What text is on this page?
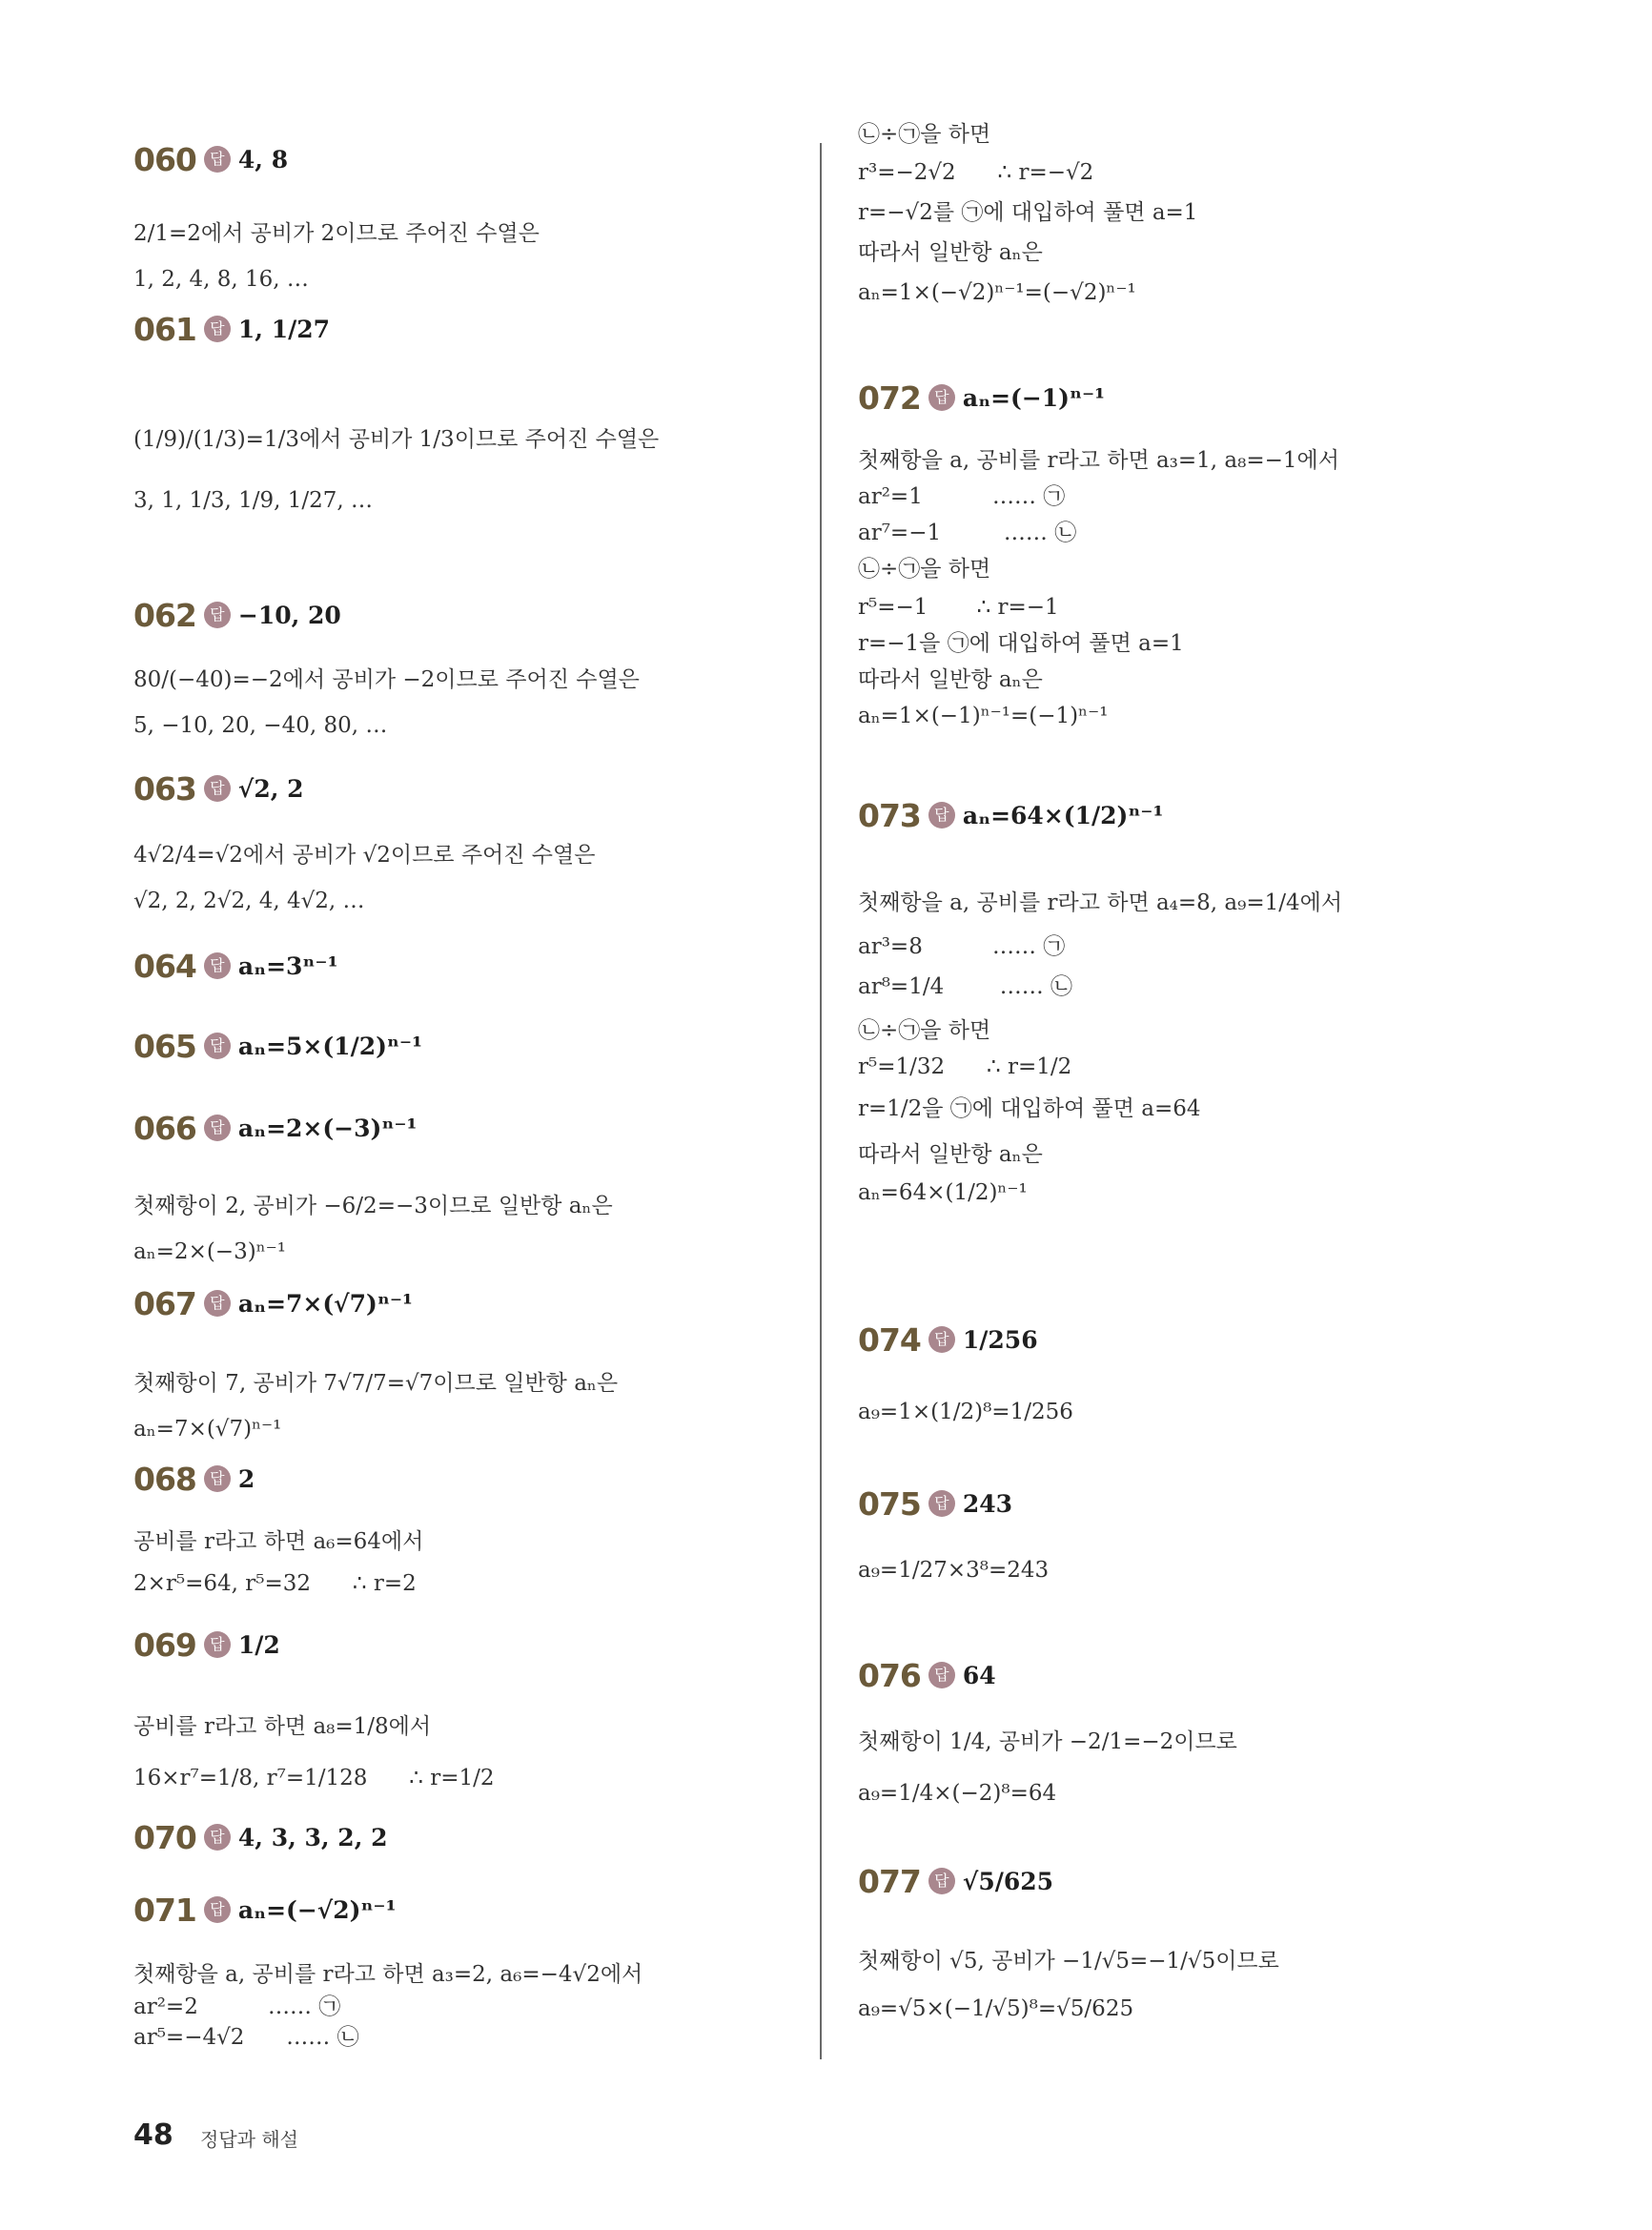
060 답 4, 8
2/1=2에서 공비가 2이므로 주어진 수열은
1, 2, 4, 8, 16, …
061 답 1, 1/27
(1/9)/(1/3)=1/3에서 공비가 1/3이므로 주어진 수열은
3, 1, 1/3, 1/9, 1/27, …
062 답 −10, 20
80/(−40)=−2에서 공비가 −2이므로 주어진 수열은
5, −10, 20, −40, 80, …
063 답 √2, 2
4√2/4=√2에서 공비가 √2이므로 주어진 수열은
√2, 2, 2√2, 4, 4√2, …
064 답 aₙ=3ⁿ⁻¹
065 답 aₙ=5×(1/2)ⁿ⁻¹
066 답 aₙ=2×(−3)ⁿ⁻¹
첫째항이 2, 공비가 −6/2=−3이므로 일반항 aₙ은
aₙ=2×(−3)ⁿ⁻¹
067 답 aₙ=7×(√7)ⁿ⁻¹
첫째항이 7, 공비가 7√7/7=√7이므로 일반항 aₙ은
aₙ=7×(√7)ⁿ⁻¹
068 답 2
공비를 r라고 하면 a₆=64에서
2×r⁵=64, r⁵=32      ∴ r=2
069 답 1/2
공비를 r라고 하면 a₈=1/8에서
16×r⁷=1/8, r⁷=1/128      ∴ r=1/2
070 답 4, 3, 3, 2, 2
071 답 aₙ=(−√2)ⁿ⁻¹
첫째항을 a, 공비를 r라고 하면 a₃=2, a₆=−4√2에서
ar²=2          …… ㉠
ar⁵=−4√2      …… ㉡
㉡÷㉠을 하면
r³=−2√2      ∴ r=−√2
r=−√2를 ㉠에 대입하여 풀면 a=1
따라서 일반항 aₙ은
aₙ=1×(−√2)ⁿ⁻¹=(−√2)ⁿ⁻¹
072 답 aₙ=(−1)ⁿ⁻¹
첫째항을 a, 공비를 r라고 하면 a₃=1, a₈=−1에서
ar²=1          …… ㉠
ar⁷=−1         …… ㉡
㉡÷㉠을 하면
r⁵=−1       ∴ r=−1
r=−1을 ㉠에 대입하여 풀면 a=1
따라서 일반항 aₙ은
aₙ=1×(−1)ⁿ⁻¹=(−1)ⁿ⁻¹
073 답 aₙ=64×(1/2)ⁿ⁻¹
첫째항을 a, 공비를 r라고 하면 a₄=8, a₉=1/4에서
ar³=8          …… ㉠
ar⁸=1/4        …… ㉡
㉡÷㉠을 하면
r⁵=1/32      ∴ r=1/2
r=1/2을 ㉠에 대입하여 풀면 a=64
따라서 일반항 aₙ은
aₙ=64×(1/2)ⁿ⁻¹
074 답 1/256
a₉=1×(1/2)⁸=1/256
075 답 243
a₉=1/27×3⁸=243
076 답 64
첫째항이 1/4, 공비가 −2/1=−2이므로
a₉=1/4×(−2)⁸=64
077 답 √5/625
첫째항이 √5, 공비가 −1/√5=−1/√5이므로
a₉=√5×(−1/√5)⁸=√5/625
48 정답과 해설
